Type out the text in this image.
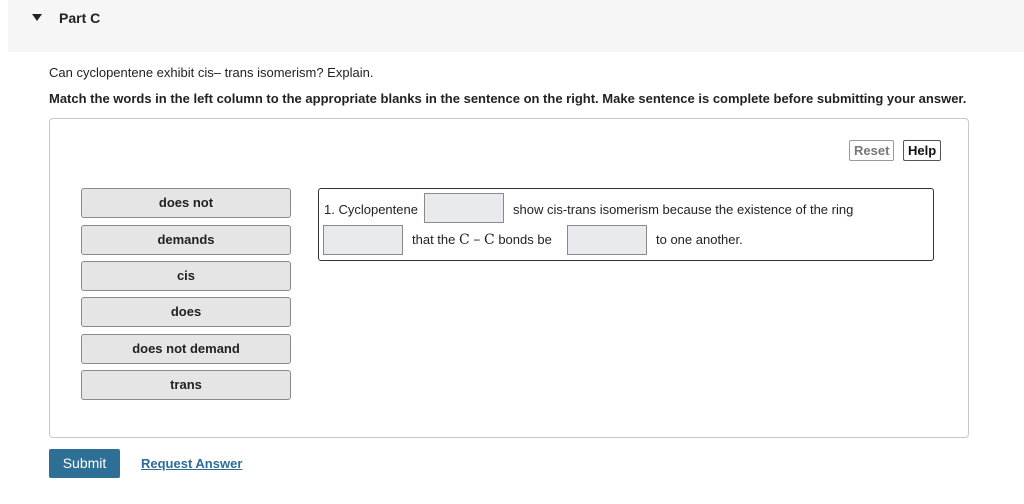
Part C
Can cyclopentene exhibit cis– trans isomerism? Explain.
Match the words in the left column to the appropriate blanks in the sentence on the right. Make sentence is complete before submitting your answer.
Reset	Help
does not
demands
cis
does
does not demand
trans
1. Cyclopentene	show cis-trans isomerism because the existence of the ring
that the C – C bonds be	to one another.
Submit	Request Answer
